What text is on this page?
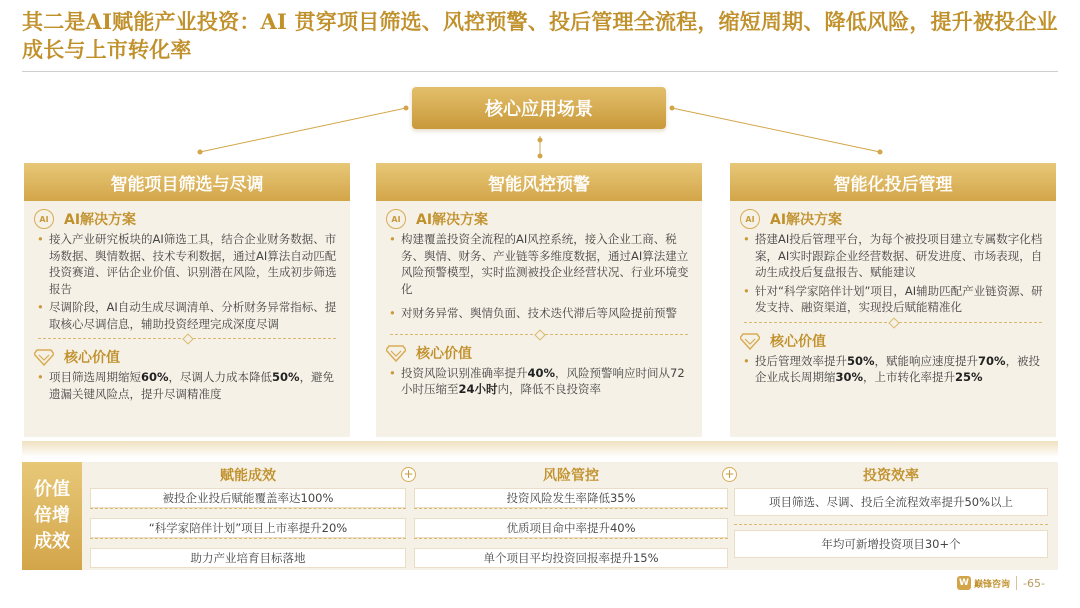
其二是AI赋能产业投资：AI 贯穿项目筛选、风控预警、投后管理全流程，缩短周期、降低风险，提升被投企业成长与上市转化率
核心应用场景
智能项目筛选与尽调
AI	AI解决方案
• 接入产业研究板块的AI筛选工具，结合企业财务数据、市场数据、舆情数据、技术专利数据，通过AI算法自动匹配投资赛道、评估企业价值、识别潜在风险，生成初步筛选报告
• 尽调阶段，AI自动生成尽调清单、分析财务异常指标、提取核心尽调信息，辅助投资经理完成深度尽调
核心价值
• 项目筛选周期缩短60%，尽调人力成本降低50%，避免遗漏关键风险点，提升尽调精准度
智能风控预警
AI	AI解决方案
• 构建覆盖投资全流程的AI风控系统，接入企业工商、税务、舆情、财务、产业链等多维度数据，通过AI算法建立风险预警模型，实时监测被投企业经营状况、行业环境变化
• 对财务异常、舆情负面、技术迭代滞后等风险提前预警
核心价值
• 投资风险识别准确率提升40%，风险预警响应时间从72小时压缩至24小时内，降低不良投资率
智能化投后管理
AI	AI解决方案
• 搭建AI投后管理平台，为每个被投项目建立专属数字化档案，AI实时跟踪企业经营数据、研发进度、市场表现，自动生成投后复盘报告、赋能建议
• 针对“科学家陪伴计划”项目，AI辅助匹配产业链资源、研发支持、融资渠道，实现投后赋能精准化
核心价值
• 投后管理效率提升50%，赋能响应速度提升70%，被投企业成长周期缩30%，上市转化率提升25%
价值
倍增
成效
赋能成效
被投企业投后赋能覆盖率达100%
“科学家陪伴计划”项目上市率提升20%
助力产业培育目标落地
+	风险管控
投资风险发生率降低35%
优质项目命中率提升40%
单个项目平均投资回报率提升15%
+	投资效率
项目筛选、尽调、投后全流程效率提升50%以上
年均可新增投资项目30+个
W 巅锋咨询 -65-
